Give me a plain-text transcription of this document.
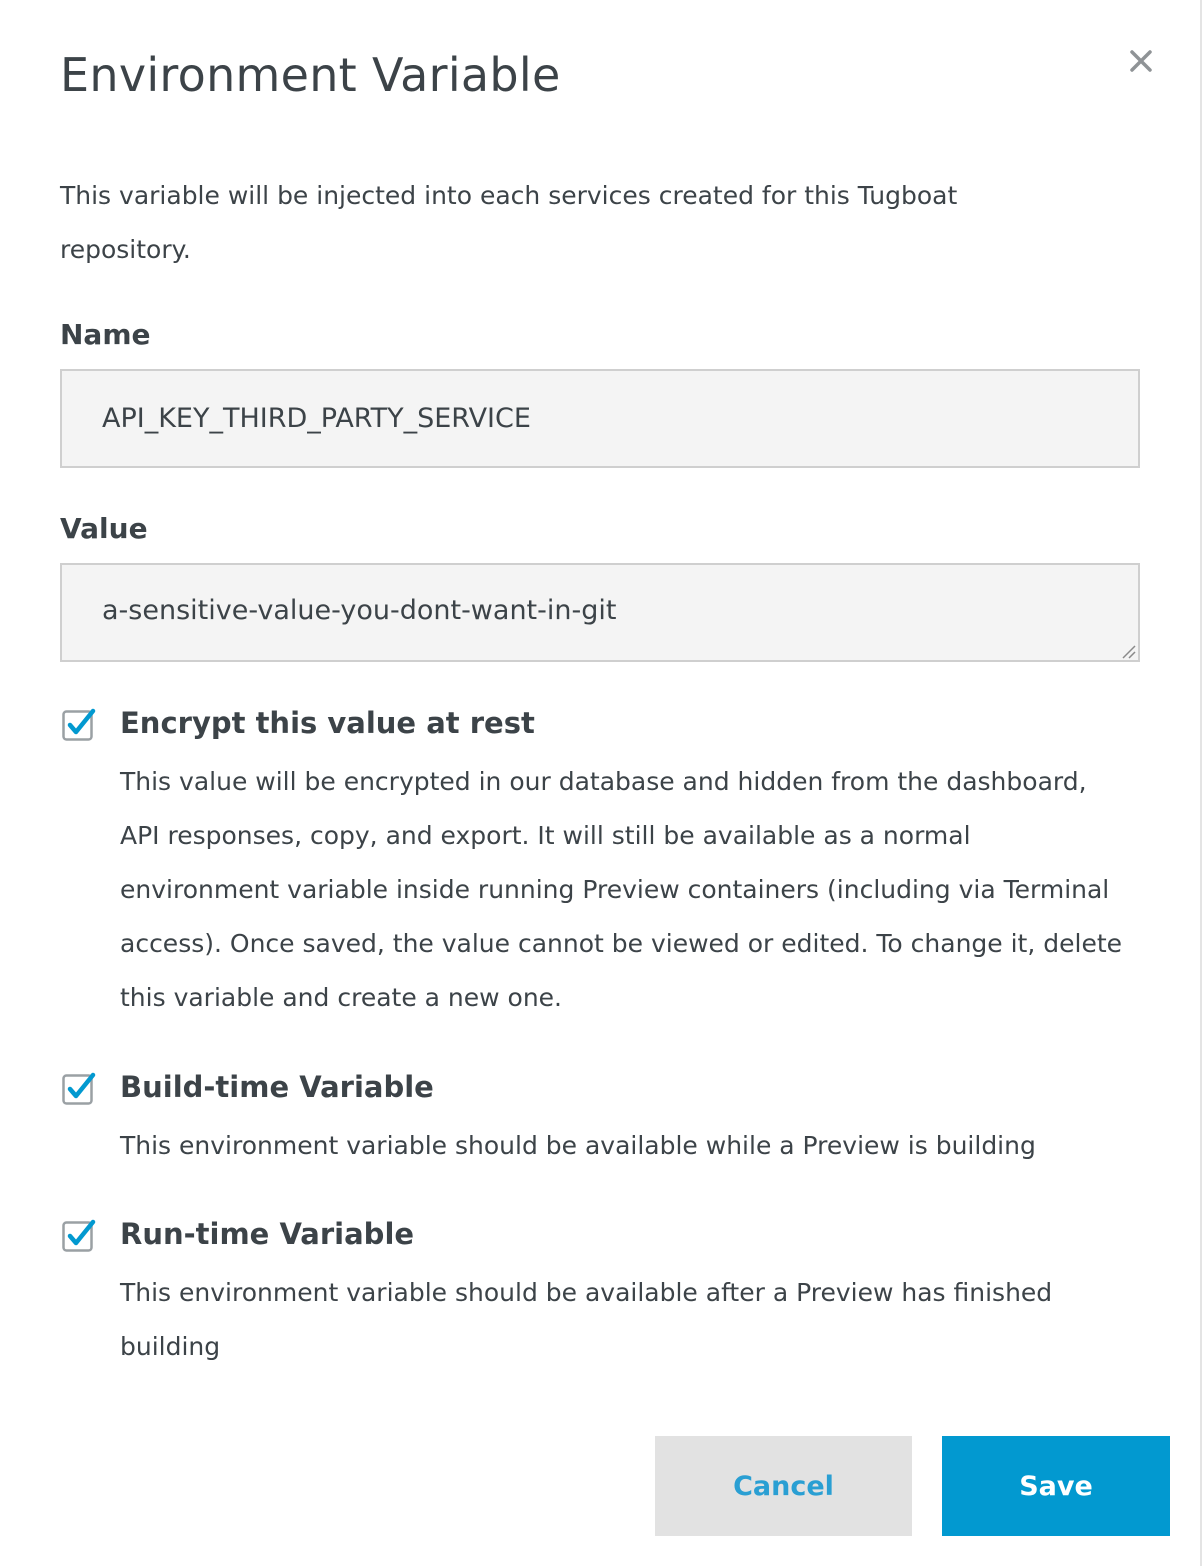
Environment Variable

This variable will be injected into each services created for this Tugboat repository.

Name
API_KEY_THIRD_PARTY_SERVICE
Value
a-sensitive-value-you-dont-want-in-git
Encrypt this value at rest

This value will be encrypted in our database and hidden from the dashboard, API responses, copy, and export. It will still be available as a normal environment variable inside running Preview containers (including via Terminal access). Once saved, the value cannot be viewed or edited. To change it, delete this variable and create a new one.

Build-time Variable

This environment variable should be available while a Preview is building

Run-time Variable

This environment variable should be available after a Preview has finished building

Cancel	Save
